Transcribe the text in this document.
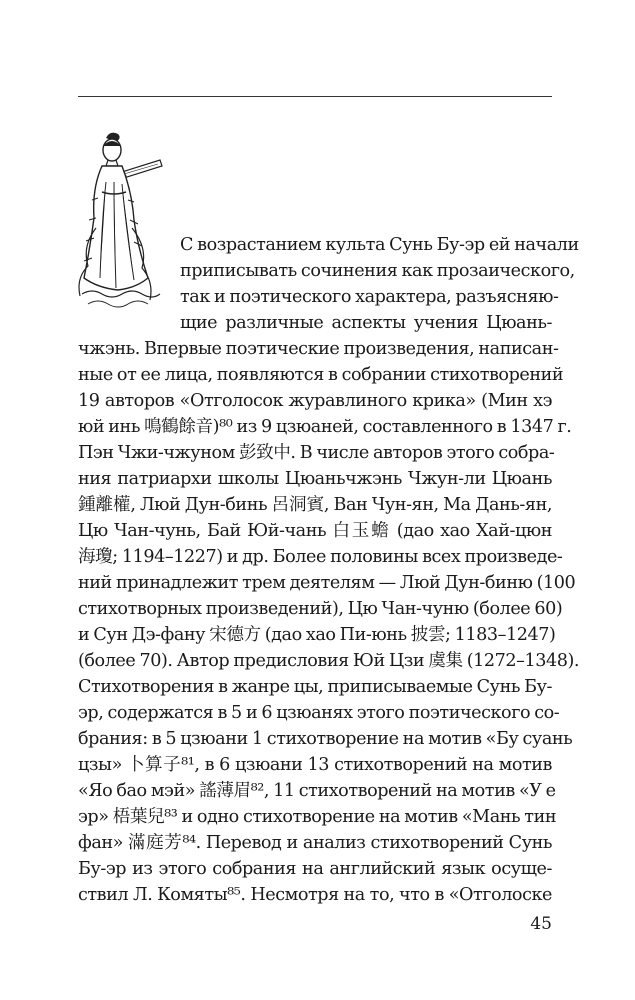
С возрастанием культа Сунь Бу-эр ей начали
приписывать сочинения как прозаического,
так и поэтического характера, разъясняю-
щие различные аспекты учения Цюань-
чжэнь. Впервые поэтические произведения, написан-
ные от ее лица, появляются в собрании стихотворений
19 авторов «Отголосок журавлиного крика» (Мин хэ
юй инь 鳴鶴餘音)⁸⁰ из 9 цзюаней, составленного в 1347 г.
Пэн Чжи-чжуном 彭致中. В числе авторов этого собра-
ния патриархи школы Цюаньчжэнь Чжун-ли Цюань
鍾離權, Люй Дун-бинь 呂洞賓, Ван Чун-ян, Ма Дань-ян,
Цю Чан-чунь, Бай Юй-чань 白玉蟾 (дао хао Хай-цюн
海瓊; 1194–1227) и др. Более половины всех произведе-
ний принадлежит трем деятелям — Люй Дун-биню (100
стихотворных произведений), Цю Чан-чуню (более 60)
и Сун Дэ-фану 宋德方 (дао хао Пи-юнь 披雲; 1183–1247)
(более 70). Автор предисловия Юй Цзи 虞集 (1272–1348).
Стихотворения в жанре цы, приписываемые Сунь Бу-
эр, содержатся в 5 и 6 цзюанях этого поэтического со-
брания: в 5 цзюани 1 стихотворение на мотив «Бу суань
цзы» 卜算子⁸¹, в 6 цзюани 13 стихотворений на мотив
«Яо бао мэй» 謠薄眉⁸², 11 стихотворений на мотив «У е
эр» 梧葉兒⁸³ и одно стихотворение на мотив «Мань тин
фан» 滿庭芳⁸⁴. Перевод и анализ стихотворений Сунь
Бу-эр из этого собрания на английский язык осуще-
ствил Л. Комяты⁸⁵. Несмотря на то, что в «Отголоске
45
